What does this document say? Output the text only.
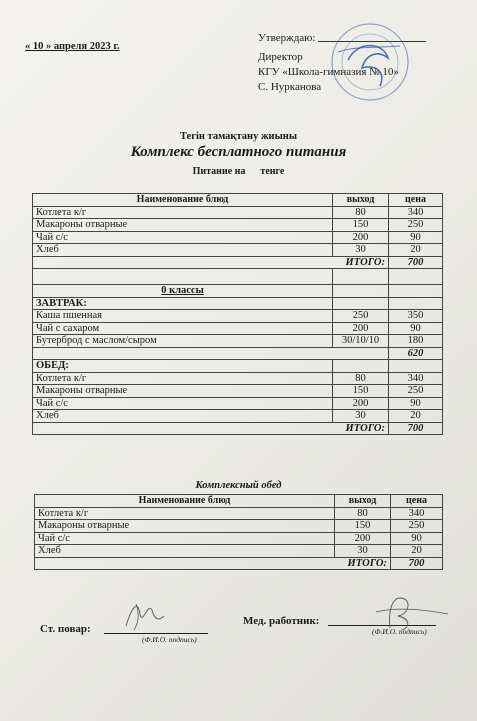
« 10 » апреля 2023 г.
Утверждаю:
Директор
КГУ «Школа-гимназия № 10»
С. Нурканова
Тегін тамақтану жиыны
Комплекс бесплатного питания
Питание на      тенге
Наименование блюд	выход	цена
Котлета к/г	80	340
Макароны отварные	150	250
Чай с/с	200	90
Хлеб	30	20
ИТОГО:		700

0 классы		
ЗАВТРАК:		
Каша пшенная	250	350
Чай с сахаром	200	90
Бутерброд с маслом/сыром	30/10/10	180
		620
ОБЕД:		
Котлета к/г	80	340
Макароны отварные	150	250
Чай с/с	200	90
Хлеб	30	20
ИТОГО:		700
Комплексный обед
Наименование блюд	выход	цена
Котлета к/г	80	340
Макароны отварные	150	250
Чай с/с	200	90
Хлеб	30	20
ИТОГО:		700
Ст. повар:
(Ф.И.О. подпись)
Мед. работник:
(Ф.И.О. подпись)
